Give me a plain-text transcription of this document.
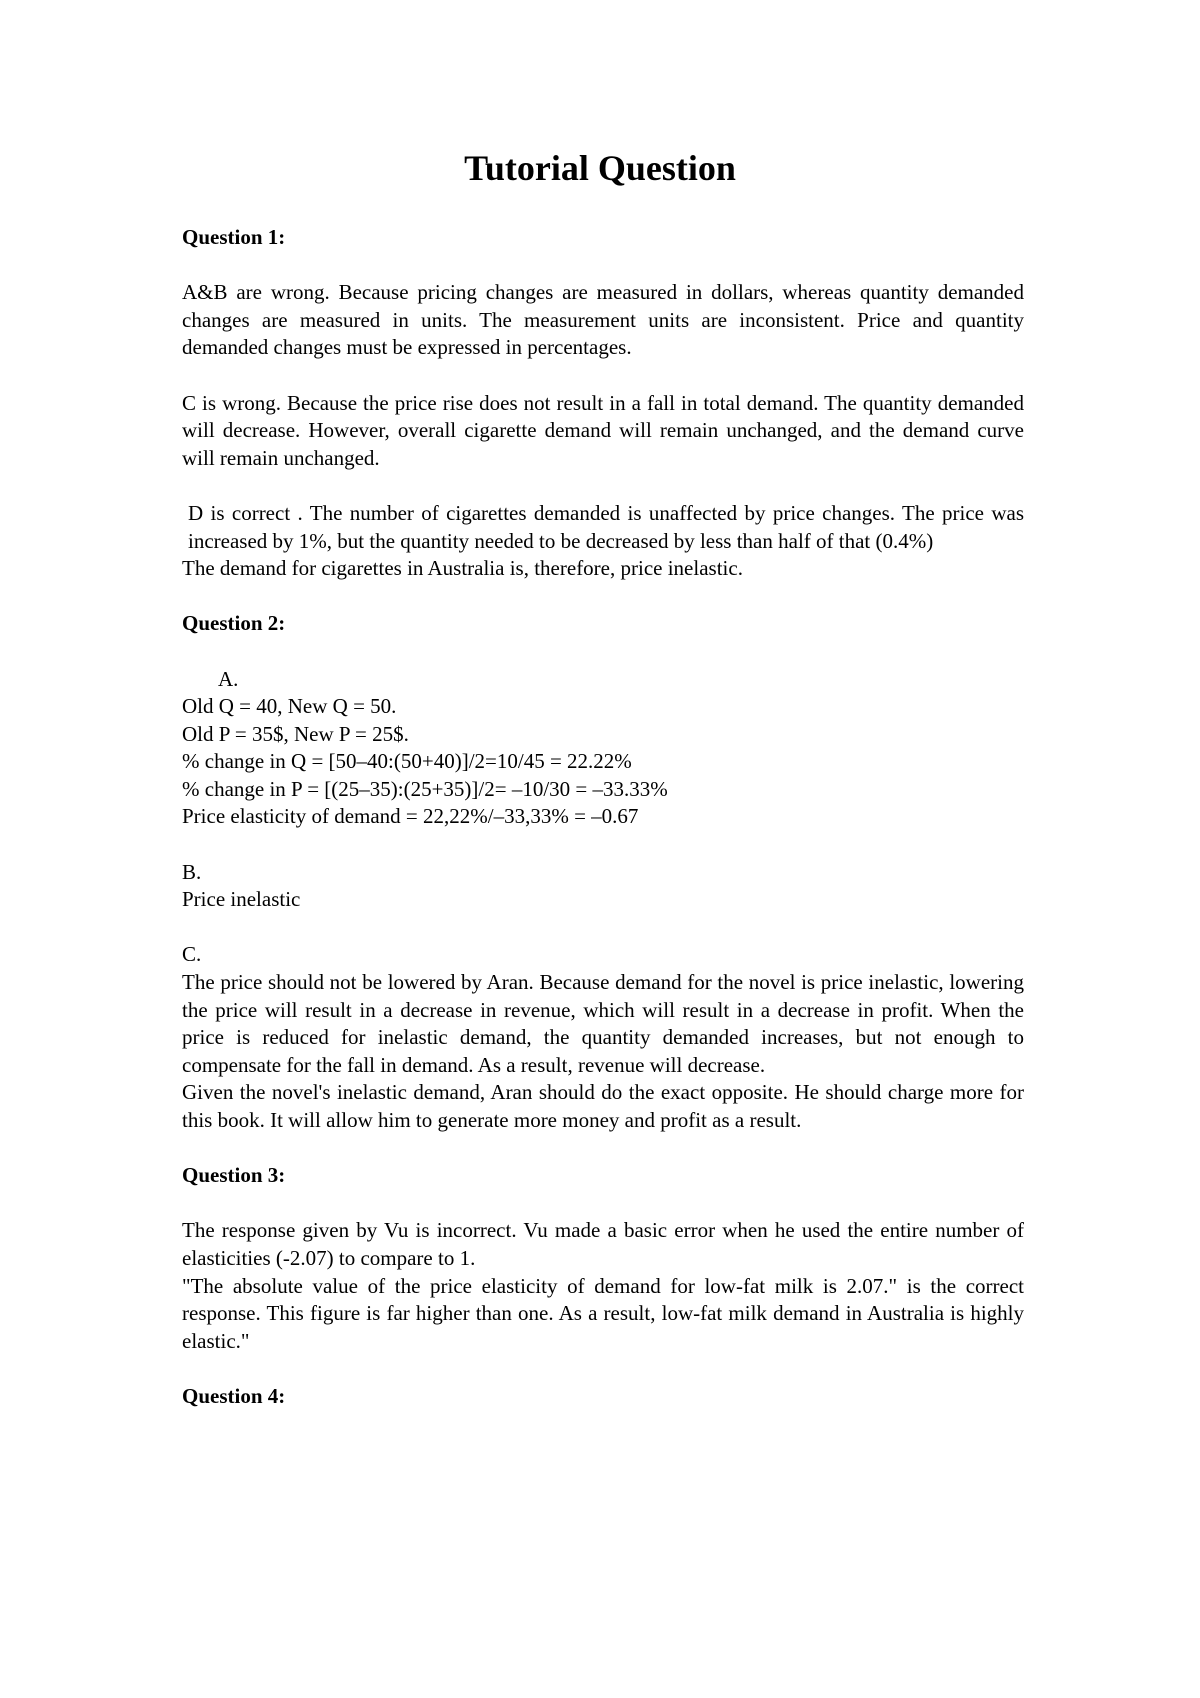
Tutorial Question

Question 1:

A&B are wrong. Because pricing changes are measured in dollars, whereas quantity demanded changes are measured in units. The measurement units are inconsistent. Price and quantity demanded changes must be expressed in percentages.

C is wrong. Because the price rise does not result in a fall in total demand. The quantity demanded will decrease. However, overall cigarette demand will remain unchanged, and the demand curve will remain unchanged.

D is correct . The number of cigarettes demanded is unaffected by price changes. The price was increased by 1%, but the quantity needed to be decreased by less than half of that (0.4%)

The demand for cigarettes in Australia is, therefore, price inelastic.

Question 2:

A.

Old Q = 40, New Q = 50.

Old P = 35$, New P = 25$.

% change in Q = [50–40:(50+40)]/2=10/45 = 22.22%

% change in P = [(25–35):(25+35)]/2= –10/30 = –33.33%

Price elasticity of demand = 22,22%/–33,33% = –0.67

B.

Price inelastic

C.

The price should not be lowered by Aran. Because demand for the novel is price inelastic, lowering the price will result in a decrease in revenue, which will result in a decrease in profit. When the price is reduced for inelastic demand, the quantity demanded increases, but not enough to compensate for the fall in demand. As a result, revenue will decrease.

Given the novel's inelastic demand, Aran should do the exact opposite. He should charge more for this book. It will allow him to generate more money and profit as a result.

Question 3:

The response given by Vu is incorrect. Vu made a basic error when he used the entire number of elasticities (-2.07) to compare to 1.

"The absolute value of the price elasticity of demand for low-fat milk is 2.07." is the correct response. This figure is far higher than one. As a result, low-fat milk demand in Australia is highly elastic."

Question 4:
